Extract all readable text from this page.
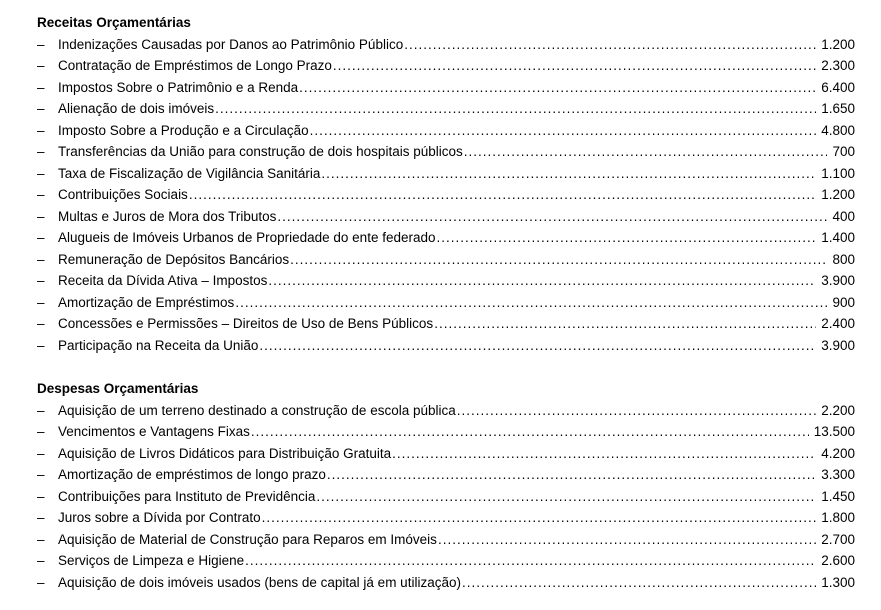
Receitas Orçamentárias
– Indenizações Causadas por Danos ao Patrimônio Público .....	1.200
– Contratação de Empréstimos de Longo Prazo .....	2.300
– Impostos Sobre o Patrimônio e a Renda .....	6.400
– Alienação de dois imóveis .....	1.650
– Imposto Sobre a Produção e a Circulação .....	4.800
– Transferências da União para construção de dois hospitais públicos .....	700
– Taxa de Fiscalização de Vigilância Sanitária .....	1.100
– Contribuições Sociais .....	1.200
– Multas e Juros de Mora dos Tributos .....	400
– Alugueis de Imóveis Urbanos de Propriedade do ente federado .....	1.400
– Remuneração de Depósitos Bancários .....	800
– Receita da Dívida Ativa – Impostos .....	3.900
– Amortização de Empréstimos .....	900
– Concessões e Permissões – Direitos de Uso de Bens Públicos .....	2.400
– Participação na Receita da União .....	3.900
Despesas Orçamentárias
– Aquisição de um terreno destinado a construção de escola pública .....	2.200
– Vencimentos e Vantagens Fixas .....	13.500
– Aquisição de Livros Didáticos para Distribuição Gratuita .....	4.200
– Amortização de empréstimos de longo prazo .....	3.300
– Contribuições para Instituto de Previdência .....	1.450
– Juros sobre a Dívida por Contrato .....	1.800
– Aquisição de Material de Construção para Reparos em Imóveis .....	2.700
– Serviços de Limpeza e Higiene .....	2.600
– Aquisição de dois imóveis usados (bens de capital já em utilização) .....	1.300
